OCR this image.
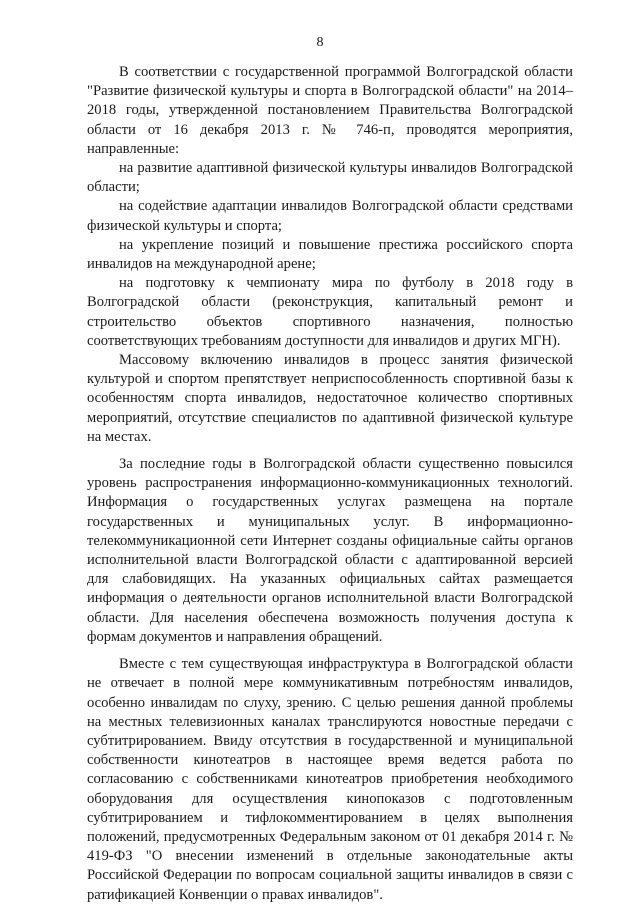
8

В соответствии с государственной программой Волгоградской области "Развитие физической культуры и спорта в Волгоградской области" на 2014–2018 годы, утвержденной постановлением Правительства Волгоградской области от 16 декабря 2013 г. № 746-п, проводятся мероприятия, направленные:

на развитие адаптивной физической культуры инвалидов Волгоградской области;

на содействие адаптации инвалидов Волгоградской области средствами физической культуры и спорта;

на укрепление позиций и повышение престижа российского спорта инвалидов на международной арене;

на подготовку к чемпионату мира по футболу в 2018 году в Волгоградской области (реконструкция, капитальный ремонт и строительство объектов спортивного назначения, полностью соответствующих требованиям доступности для инвалидов и других МГН).

Массовому включению инвалидов в процесс занятия физической культурой и спортом препятствует неприспособленность спортивной базы к особенностям спорта инвалидов, недостаточное количество спортивных мероприятий, отсутствие специалистов по адаптивной физической культуре на местах.

За последние годы в Волгоградской области существенно повысился уровень распространения информационно-коммуникационных технологий. Информация о государственных услугах размещена на портале государственных и муниципальных услуг. В информационно-телекоммуникационной сети Интернет созданы официальные сайты органов исполнительной власти Волгоградской области с адаптированной версией для слабовидящих. На указанных официальных сайтах размещается информация о деятельности органов исполнительной власти Волгоградской области. Для населения обеспечена возможность получения доступа к формам документов и направления обращений.

Вместе с тем существующая инфраструктура в Волгоградской области не отвечает в полной мере коммуникативным потребностям инвалидов, особенно инвалидам по слуху, зрению. С целью решения данной проблемы на местных телевизионных каналах транслируются новостные передачи с субтитрированием. Ввиду отсутствия в государственной и муниципальной собственности кинотеатров в настоящее время ведется работа по согласованию с собственниками кинотеатров приобретения необходимого оборудования для осуществления кинопоказов с подготовленным субтитрированием и тифлокомментированием в целях выполнения положений, предусмотренных Федеральным законом от 01 декабря 2014 г. № 419-ФЗ "О внесении изменений в отдельные законодательные акты Российской Федерации по вопросам социальной защиты инвалидов в связи с ратификацией Конвенции о правах инвалидов".
